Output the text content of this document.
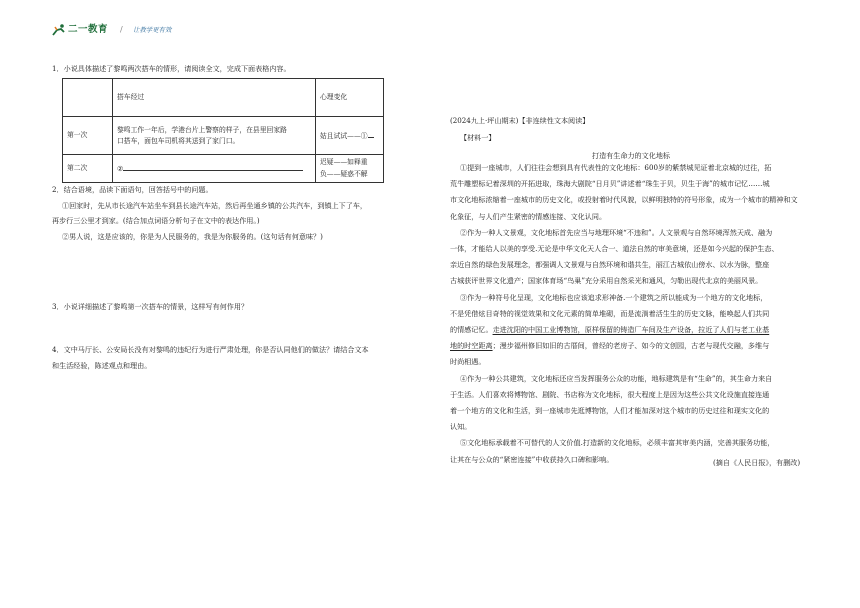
二一教育 / 让教学更有效
1．小说具体描述了黎鸣两次搭车的情形，请阅读全文，完成下面表格内容。
	搭车经过	心理变化
第一次	黎鸣工作一年后，学港台片上警察的样子，在县里回家路
口搭车，面包车司机将其送到了家门口。	姑且试试——①
第二次	②	迟疑——如释重
负——疑惑不解
2．结合语境，品读下面语句，回答括号中的问题。
①回家时，先从市长途汽车站坐车到县长途汽车站，然后再坐通乡镇的公共汽车，到镇上下了车，
再步行三公里才到家。(结合加点词语分析句子在文中的表达作用。)
②男人说，这是应该的，你是为人民服务的，我是为你服务的。(这句话有何意味？)
3．小说详细描述了黎鸣第一次搭车的情景，这样写有何作用？
4．文中马厅长、公安局长没有对黎鸣的违纪行为进行严肃处理，你是否认同他们的做法？请结合文本
和生活经验，陈述观点和理由。
(2024九上·坪山期末)【非连续性文本阅读】
【材料一】
打造有生命力的文化地标
①提到一座城市，人们往往会想到具有代表性的文化地标：600岁的紫禁城见证着北京城的过往，拓
荒牛雕塑标记着深圳的开拓进取，珠海大剧院“日月贝”讲述着“珠生于贝，贝生于海”的城市记忆……城
市文化地标浓缩着一座城市的历史文化，或投射着时代风貌，以鲜明独特的符号形象，成为一个城市的精神和文
化象征，与人们产生紧密的情感连接、文化认同。
②作为一种人文景观，文化地标首先应当与地理环境“不违和”。人文景观与自然环境浑然天成、融为
一体，才能给人以美的享受.无论是中华文化天人合一、道法自然的审美意境，还是如今兴起的保护生态、
亲近自然的绿色发展理念，都强调人文景观与自然环境和谐共生，丽江古城依山傍水、以水为脉，整座
古城获评世界文化遗产；国家体育场“鸟巢”充分采用自然采光和通风，匀勒出现代北京的美丽风景。
③作为一种符号化呈现，文化地标也应该追求形神备.一个建筑之所以能成为一个地方的文化地标，
不是凭借炫目奇特的视觉效果和文化元素的简单堆砌，而是流淌着活生生的历史文脉，能唤起人们共同
的情感记忆。走进沈阳的中国工业博物馆，原样保留的铸造厂车间及生产设备，拉近了人们与老工业基
地的时空距离；漫步福州修旧如旧的古厝间，曾经的老房子、如今的文创园，古老与现代交融，多维与
时尚相遇。
④作为一种公共建筑，文化地标还应当发挥服务公众的功能，地标建筑是有“生命”的，其生命力来自
于生活。人们喜欢将博物馆、剧院、书店称为文化地标，很大程度上是因为这些公共文化设施直接连通
着一个地方的文化和生活，到一座城市先逛博物馆，人们才能加深对这个城市的历史过往和现实文化的
认知。
⑤文化地标承载着不可替代的人文价值.打造新的文化地标，必须丰富其审美内涵，完善其服务功能，
让其在与公众的“紧密连接”中收获持久口碑和影响。	(摘自《人民日报》，有删改)
